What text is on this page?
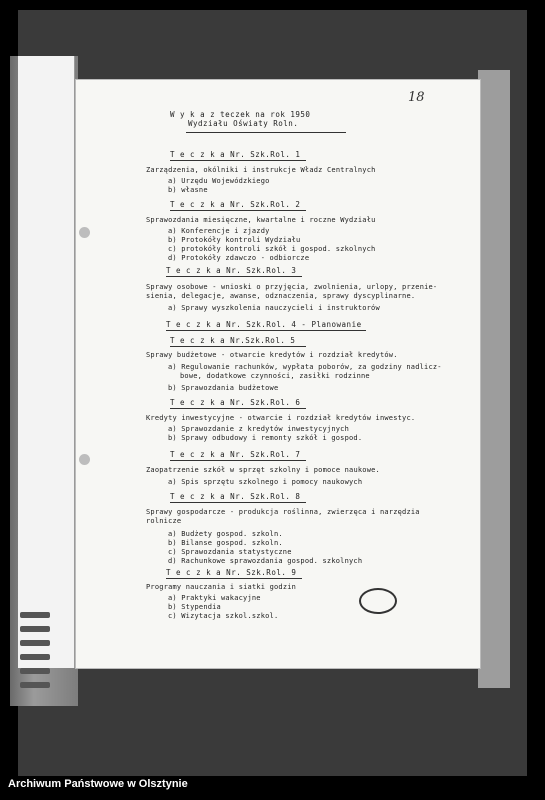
18
W y k a z teczek na rok 1950
Wydziału Oświaty Roln.
T e c z k a Nr. Szk.Rol. 1
Zarządzenia, okólniki i instrukcje Władz Centralnych
a) Urzędu Wojewódzkiego
b) własne
T e c z k a Nr. Szk.Rol. 2
Sprawozdania miesięczne, kwartalne i roczne Wydziału
a) Konferencje i zjazdy
b) Protokóły kontroli Wydziału
c) protokóły kontroli szkół i gospod. szkolnych
d) Protokóły zdawczo - odbiorcze
T e c z k a Nr. Szk.Rol. 3
Sprawy osobowe - wnioski o przyjęcia, zwolnienia, urlopy, przenie-
sienia, delegacje, awanse, odznaczenia, sprawy dyscyplinarne.
a) Sprawy wyszkolenia nauczycieli i instruktorów
T e c z k a Nr. Szk.Rol. 4 - Planowanie
T e c z k a Nr.Szk.Rol. 5
Sprawy budżetowe - otwarcie kredytów i rozdział kredytów.
a) Regulowanie rachunków, wypłata poborów, za godziny nadlicz-
bowe, dodatkowe czynności, zasiłki rodzinne
b) Sprawozdania budżetowe
T e c z k a Nr. Szk.Rol. 6
Kredyty inwestycyjne - otwarcie i rozdział kredytów inwestyc.
a) Sprawozdanie z kredytów inwestycyjnych
b) Sprawy odbudowy i remonty szkół i gospod.
T e c z k a Nr. Szk.Rol. 7
Zaopatrzenie szkół w sprzęt szkolny i pomoce naukowe.
a) Spis sprzętu szkolnego i pomocy naukowych
T e c z k a Nr. Szk.Rol. 8
Sprawy gospodarcze - produkcja roślinna, zwierzęca i narzędzia
rolnicze
a) Budżety gospod. szkoln.
b) Bilanse gospod. szkoln.
c) Sprawozdania statystyczne
d) Rachunkowe sprawozdania gospod. szkolnych
T e c z k a Nr. Szk.Rol. 9
Programy nauczania i siatki godzin
a) Praktyki wakacyjne
b) Stypendia
c) Wizytacja szkol.szkol.
Archiwum Państwowe w Olsztynie
